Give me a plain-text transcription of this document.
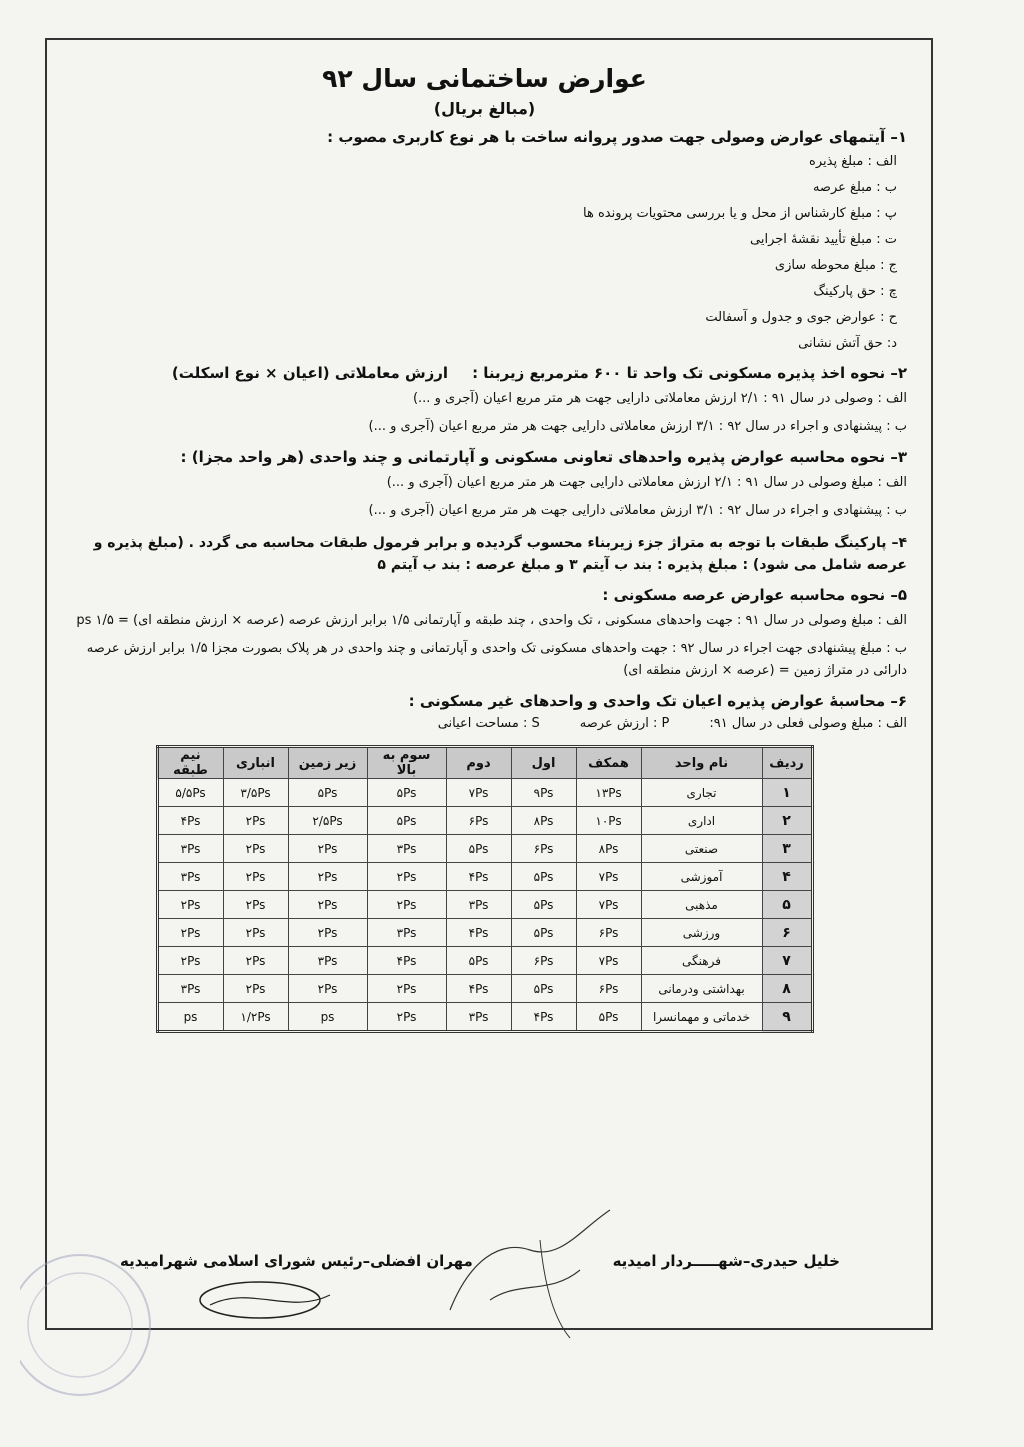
عوارض ساختمانی سال ۹۲
(مبالغ بریال)
۱– آیتمهای عوارض وصولی جهت صدور پروانه ساخت با هر نوع کاربری مصوب :
الف : مبلغ پذیره
ب : مبلغ عرصه
پ : مبلغ کارشناس از محل و یا بررسی محتویات پرونده ها
ت : مبلغ تأیید نقشهٔ اجرایی
ج : مبلغ محوطه سازی
چ : حق پارکینگ
ح : عوارض جوی و جدول و آسفالت
د: حق آتش نشانی
۲– نحوه اخذ پذیره مسکونی تک واحد تا ۶۰۰ مترمربع زیربنا :ارزش معاملاتی (اعیان × نوع اسکلت)
الف : وصولی در سال ۹۱ : ۲/۱ ارزش معاملاتی دارایی جهت هر متر مربع اعیان (آجری و ...)
ب : پیشنهادی و اجراء در سال ۹۲ : ۳/۱ ارزش معاملاتی دارایی جهت هر متر مربع اعیان (آجری و ...)
۳– نحوه محاسبه عوارض پذیره واحدهای تعاونی مسکونی و آپارتمانی و چند واحدی (هر واحد مجزا) :
الف : مبلغ وصولی در سال ۹۱ : ۲/۱ ارزش معاملاتی دارایی جهت هر متر مربع اعیان (آجری و ...)
ب : پیشنهادی و اجراء در سال ۹۲ : ۳/۱ ارزش معاملاتی دارایی جهت هر متر مربع اعیان (آجری و ...)
۴– پارکینگ طبقات با توجه به متراژ جزء زیربناء محسوب گردیده و برابر فرمول طبقات محاسبه می گردد . (مبلغ پذیره و عرصه شامل می شود) : مبلغ پذیره : بند ب آیتم ۳ و مبلغ عرصه : بند ب آیتم ۵
۵– نحوه محاسبه عوارض عرصه مسکونی :
الف : مبلغ وصولی در سال ۹۱ : جهت واحدهای مسکونی ، تک واحدی ، چند طبقه و آپارتمانی ۱/۵ برابر ارزش عرصه (عرصه × ارزش منطقه ای) = ۱/۵ ps
ب : مبلغ پیشنهادی جهت اجراء در سال ۹۲ : جهت واحدهای مسکونی تک واحدی و آپارتمانی و چند واحدی در هر پلاک بصورت مجزا ۱/۵ برابر ارزش عرصه دارائی در متراژ زمین = (عرصه × ارزش منطقه ای)
۶– محاسبهٔ عوارض پذیره اعیان تک واحدی و واحدهای غیر مسکونی :
الف : مبلغ وصولی فعلی در سال ۹۱:
P : ارزش عرصه
S : مساحت اعیانی
ردیف	نام واحد	همکف	اول	دوم	سوم به بالا	زیر زمین	انباری	نیم طبقه
۱	تجاری	۱۳Ps	۹Ps	۷Ps	۵Ps	۵Ps	۳/۵Ps	۵/۵Ps
۲	اداری	۱۰Ps	۸Ps	۶Ps	۵Ps	۲/۵Ps	۲Ps	۴Ps
۳	صنعتی	۸Ps	۶Ps	۵Ps	۳Ps	۲Ps	۲Ps	۳Ps
۴	آموزشی	۷Ps	۵Ps	۴Ps	۲Ps	۲Ps	۲Ps	۳Ps
۵	مذهبی	۷Ps	۵Ps	۳Ps	۲Ps	۲Ps	۲Ps	۲Ps
۶	ورزشی	۶Ps	۵Ps	۴Ps	۳Ps	۲Ps	۲Ps	۲Ps
۷	فرهنگی	۷Ps	۶Ps	۵Ps	۴Ps	۳Ps	۲Ps	۲Ps
۸	بهداشتی ودرمانی	۶Ps	۵Ps	۴Ps	۲Ps	۲Ps	۲Ps	۳Ps
۹	خدماتی و مهمانسرا	۵Ps	۴Ps	۳Ps	۲Ps	ps	۱/۲Ps	ps
خلیل حیدری–شهـــــردار امیدیه
مهران افضلی–رئیس شورای اسلامی شهرامیدیه
